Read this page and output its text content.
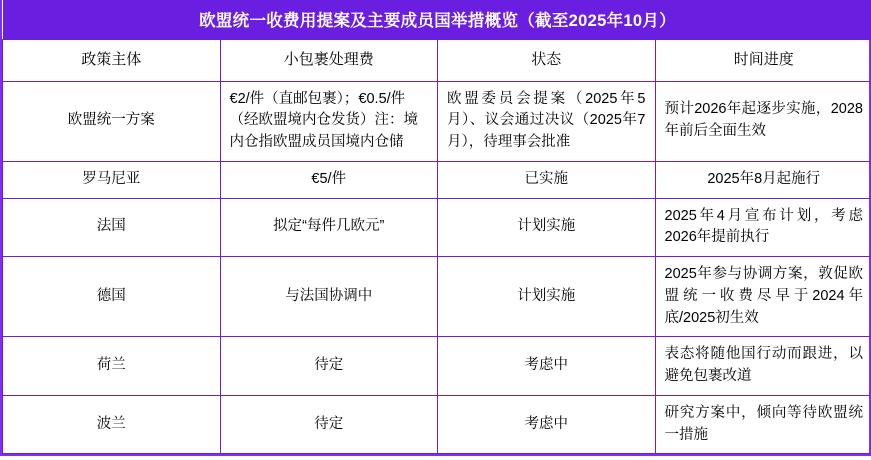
欧盟统一收费用提案及主要成员国举措概览（截至2025年10月）			
政策主体	小包裹处理费	状态	时间进度
欧盟统一方案	€2/件（直邮包裹）；€0.5/件（经欧盟境内仓发货）注：境内仓指欧盟成员国境内仓储	欧盟委员会提案（2025年5月）、议会通过决议（2025年7月），待理事会批准	预计2026年起逐步实施，2028年前后全面生效
罗马尼亚	€5/件	已实施	2025年8月起施行
法国	拟定“每件几欧元”	计划实施	2025年4月宣布计划，考虑2026年提前执行
德国	与法国协调中	计划实施	2025年参与协调方案，敦促欧盟统一收费尽早于2024年底/2025初生效
荷兰	待定	考虑中	表态将随他国行动而跟进，以避免包裹改道
波兰	待定	考虑中	研究方案中，倾向等待欧盟统一措施
